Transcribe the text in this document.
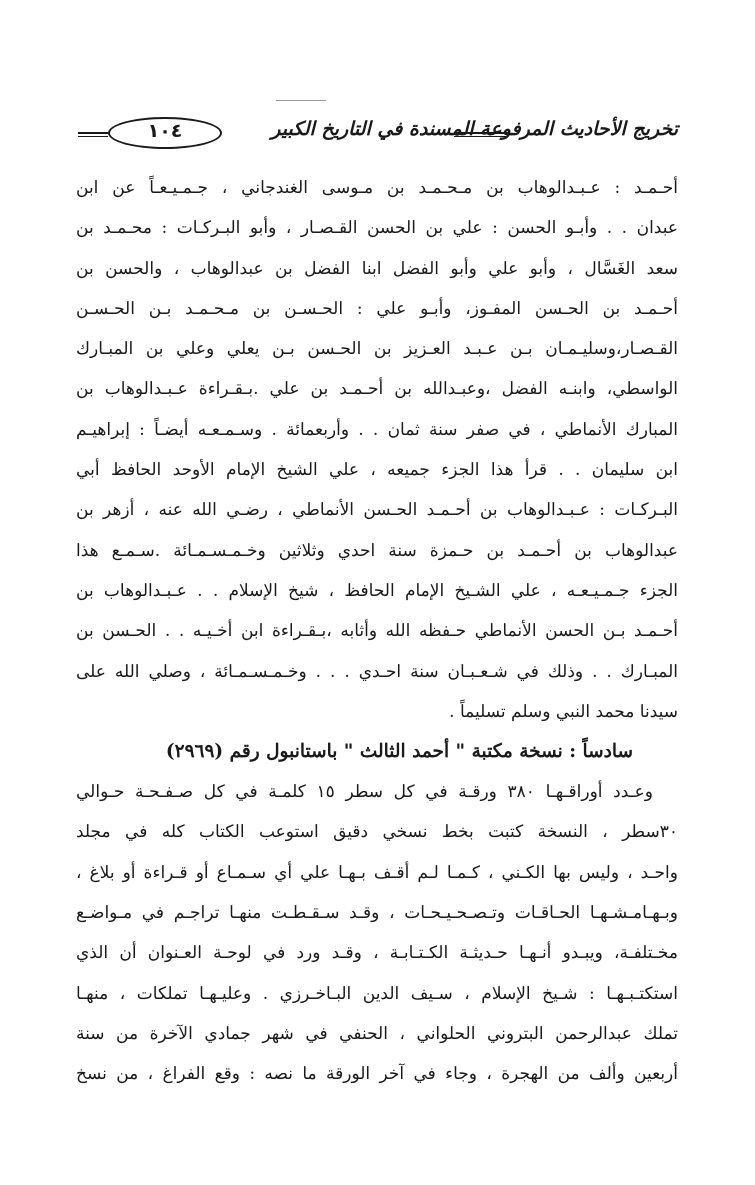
تخريج الأحاديث المرفوعة المسندة في التاريخ الكبير
١٠٤
أحـمـد : عـبـدالوهاب بن مـحـمـد بن مـوسى الغندجاني ، جـمـيـعـاً عن ابن
عبدان . . وأبـو الحسن : علي بن الحسن القـصـار ، وأبو البـركـات : محـمـد بن
سعد الغَسَّال ، وأبو علي وأبو الفضل ابنا الفضل بن عبدالوهاب ، والحسن بن
أحـمـد بن الحـسن المفـوز، وأبـو علي : الحـسـن بن مـحـمـد بـن الحـسـن
القـصـار،وسليـمـان بـن عـبـد العـزيز بن الحـسن بـن يعلي وعلي بن المبـارك
الواسطي، وابنـه الفضل ،وعبـدالله بن أحـمـد بن علي .بـقـراءة عـبـدالوهاب بن
المبارك الأنماطي ، في صفر سنة ثمان . . وأربعمائة . وسـمـعـه أيضـاً : إبراهيـم
ابن سليمان . . قرأ هذا الجزء جميعه ، علي الشيخ الإمام الأوحد الحافظ أبي
البـركـات : عـبـدالوهاب بن أحـمـد الحـسن الأنماطي ، رضـي الله عنه ، أزهر بن
عبدالوهاب بن أحـمـد بن حـمزة سنة احدي وثلاثين وخـمـسـمـائة .سـمـع هذا
الجزء جـمـيـعـه ، علي الشـيخ الإمام الحافظ ، شيخ الإسلام . . عـبـدالوهاب بن
أحـمـد بـن الحسن الأنماطي حـفظه الله وأثابه ،بـقـراءة ابن أخـيـه . . الحـسن بن
المبـارك . . وذلك في شـعـبـان سنة احـدي . . . وخـمـسـمـائة ، وصلي الله على
سيدنا محمد النبي وسلم تسليماً .
سادساً : نسخة مكتبة " أحمد الثالث " باستانبول رقم (٢٩٦٩)
وعـدد أوراقـهـا ٣٨٠ ورقـة في كل سطر ١٥ كلمـة في كل صـفـحـة حـوالي
٣٠سطر ، النسخة كتبت بخط نسخي دقيق استوعب الكتاب كله في مجلد
واحـد ، وليس بها الكـني ، كـمـا لـم أقـف بـهـا علي أي سـمـاع أو قـراءة أو بلاغ ،
وبـهـامـشـهـا الحـاقـات وتـصـحـيـحـات ، وقـد سـقـطـت منهـا تراجـم في مـواضـع
مخـتلفـة، ويبـدو أنـهـا حـديثـة الكـتـابـة ، وقـد ورد في لوحـة العـنوان أن الذي
استكتـبـهـا : شـيخ الإسلام ، سـيف الدين البـاخـرزي . وعليـهـا تملكات ، منهـا
تملك عبدالرحمن البتروني الحلواني ، الحنفي في شهر جمادي الآخرة من سنة
أربعين وألف من الهجرة ، وجاء في آخر الورقة ما نصه : وقع الفراغ ، من نسخ
